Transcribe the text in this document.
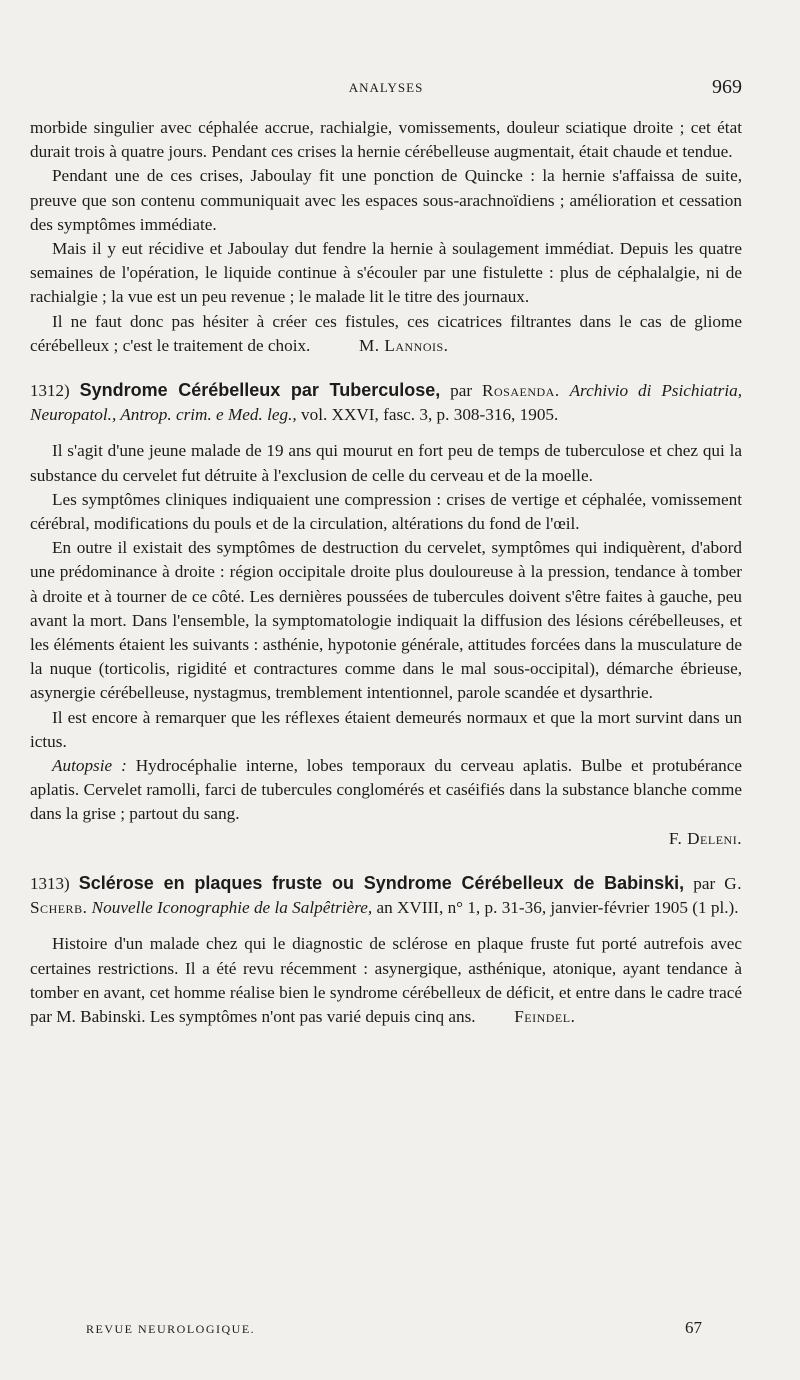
ANALYSES	969

morbide singulier avec céphalée accrue, rachialgie, vomissements, douleur sciatique droite ; cet état durait trois à quatre jours. Pendant ces crises la hernie cérébelleuse augmentait, était chaude et tendue.

Pendant une de ces crises, Jaboulay fit une ponction de Quincke : la hernie s'affaissa de suite, preuve que son contenu communiquait avec les espaces sous-arachnoïdiens ; amélioration et cessation des symptômes immédiate.

Mais il y eut récidive et Jaboulay dut fendre la hernie à soulagement immédiat. Depuis les quatre semaines de l'opération, le liquide continue à s'écouler par une fistulette : plus de céphalalgie, ni de rachialgie ; la vue est un peu revenue ; le malade lit le titre des journaux.

Il ne faut donc pas hésiter à créer ces fistules, ces cicatrices filtrantes dans le cas de gliome cérébelleux ; c'est le traitement de choix.	M. Lannois.

1312) Syndrome Cérébelleux par Tuberculose, par Rosaenda. Archivio di Psichiatria, Neuropatol., Antrop. crim. e Med. leg., vol. XXVI, fasc. 3, p. 308-316, 1905.

Il s'agit d'une jeune malade de 19 ans qui mourut en fort peu de temps de tuberculose et chez qui la substance du cervelet fut détruite à l'exclusion de celle du cerveau et de la moelle.

Les symptômes cliniques indiquaient une compression : crises de vertige et céphalée, vomissement cérébral, modifications du pouls et de la circulation, altérations du fond de l'œil.

En outre il existait des symptômes de destruction du cervelet, symptômes qui indiquèrent, d'abord une prédominance à droite : région occipitale droite plus douloureuse à la pression, tendance à tomber à droite et à tourner de ce côté. Les dernières poussées de tubercules doivent s'être faites à gauche, peu avant la mort. Dans l'ensemble, la symptomatologie indiquait la diffusion des lésions cérébelleuses, et les éléments étaient les suivants : asthénie, hypotonie générale, attitudes forcées dans la musculature de la nuque (torticolis, rigidité et contractures comme dans le mal sous-occipital), démarche ébrieuse, asynergie cérébelleuse, nystagmus, tremblement intentionnel, parole scandée et dysarthrie.

Il est encore à remarquer que les réflexes étaient demeurés normaux et que la mort survint dans un ictus.

Autopsie : Hydrocéphalie interne, lobes temporaux du cerveau aplatis. Bulbe et protubérance aplatis. Cervelet ramolli, farci de tubercules conglomérés et caséifiés dans la substance blanche comme dans la grise ; partout du sang.

F. Deleni.

1313) Sclérose en plaques fruste ou Syndrome Cérébelleux de Babinski, par G. Scherb. Nouvelle Iconographie de la Salpêtrière, an XVIII, n° 1, p. 31-36, janvier-février 1905 (1 pl.).

Histoire d'un malade chez qui le diagnostic de sclérose en plaque fruste fut porté autrefois avec certaines restrictions. Il a été revu récemment : asynergique, asthénique, atonique, ayant tendance à tomber en avant, cet homme réalise bien le syndrome cérébelleux de déficit, et entre dans le cadre tracé par M. Babinski. Les symptômes n'ont pas varié depuis cinq ans. Feindel.

REVUE NEUROLOGIQUE.	67
